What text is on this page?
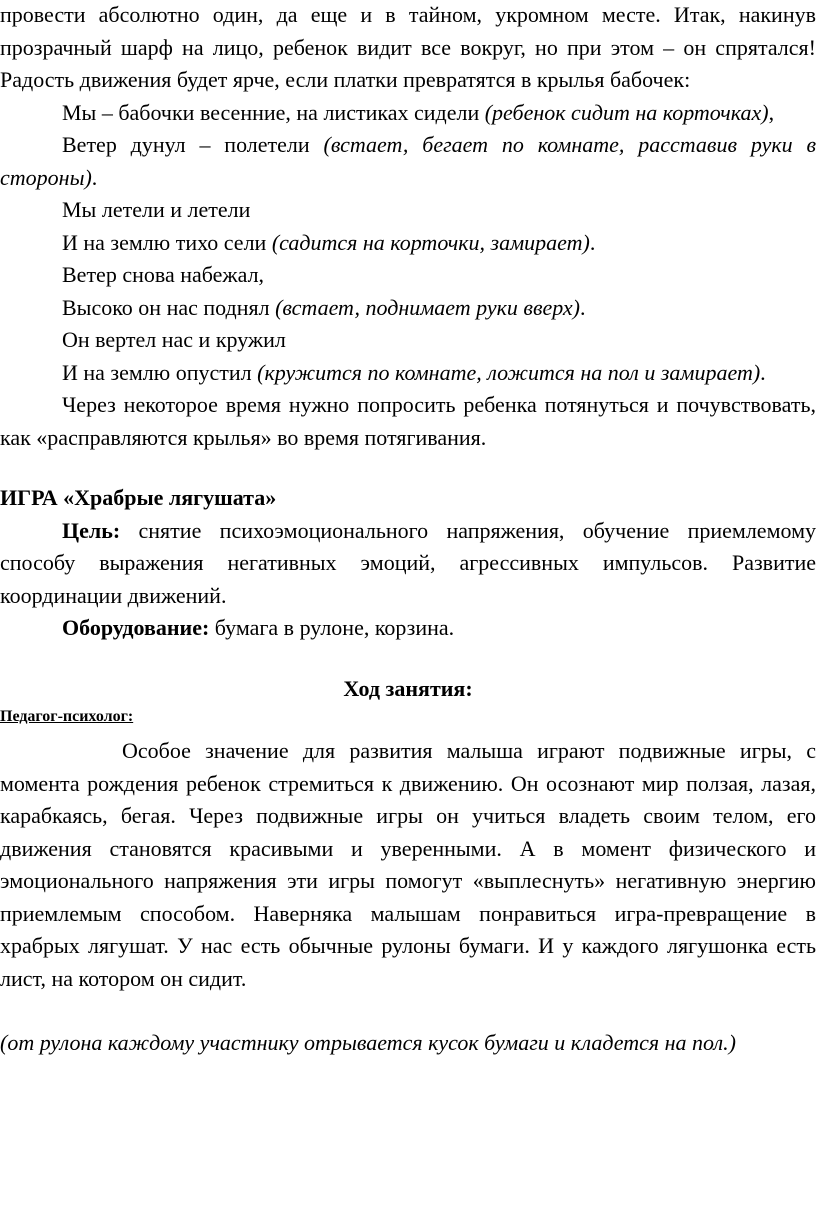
провести абсолютно один, да еще и в тайном, укромном месте. Итак, накинув прозрачный шарф на лицо, ребенок видит все вокруг, но при этом – он спрятался! Радость движения будет ярче, если платки превратятся в крылья бабочек:

Мы – бабочки весенние, на листиках сидели (ребенок сидит на корточках),

Ветер дунул – полетели (встает, бегает по комнате, расставив руки в стороны).

Мы летели и летели

И на землю тихо сели (садится на корточки, замирает).

Ветер снова набежал,

Высоко он нас поднял (встает, поднимает руки вверх).

Он вертел нас и кружил

И на землю опустил (кружится по комнате, ложится на пол и замирает).

Через некоторое время нужно попросить ребенка потянуться и почувствовать, как «расправляются крылья» во время потягивания.

ИГРА «Храбрые лягушата»

Цель: снятие психоэмоционального напряжения, обучение приемлемому способу выражения негативных эмоций, агрессивных импульсов. Развитие координации движений.

Оборудование: бумага в рулоне, корзина.

Ход занятия:

Педагог-психолог:

Особое значение для развития малыша играют подвижные игры, с момента рождения ребенок стремиться к движению. Он осознают мир ползая, лазая, карабкаясь, бегая. Через подвижные игры он учиться владеть своим телом, его движения становятся красивыми и уверенными. А в момент физического и эмоционального напряжения эти игры помогут «выплеснуть» негативную энергию приемлемым способом. Наверняка малышам понравиться игра-превращение в храбрых лягушат. У нас есть обычные рулоны бумаги. И у каждого лягушонка есть лист, на котором он сидит.

(от рулона каждому участнику отрывается кусок бумаги и кладется на пол.)
